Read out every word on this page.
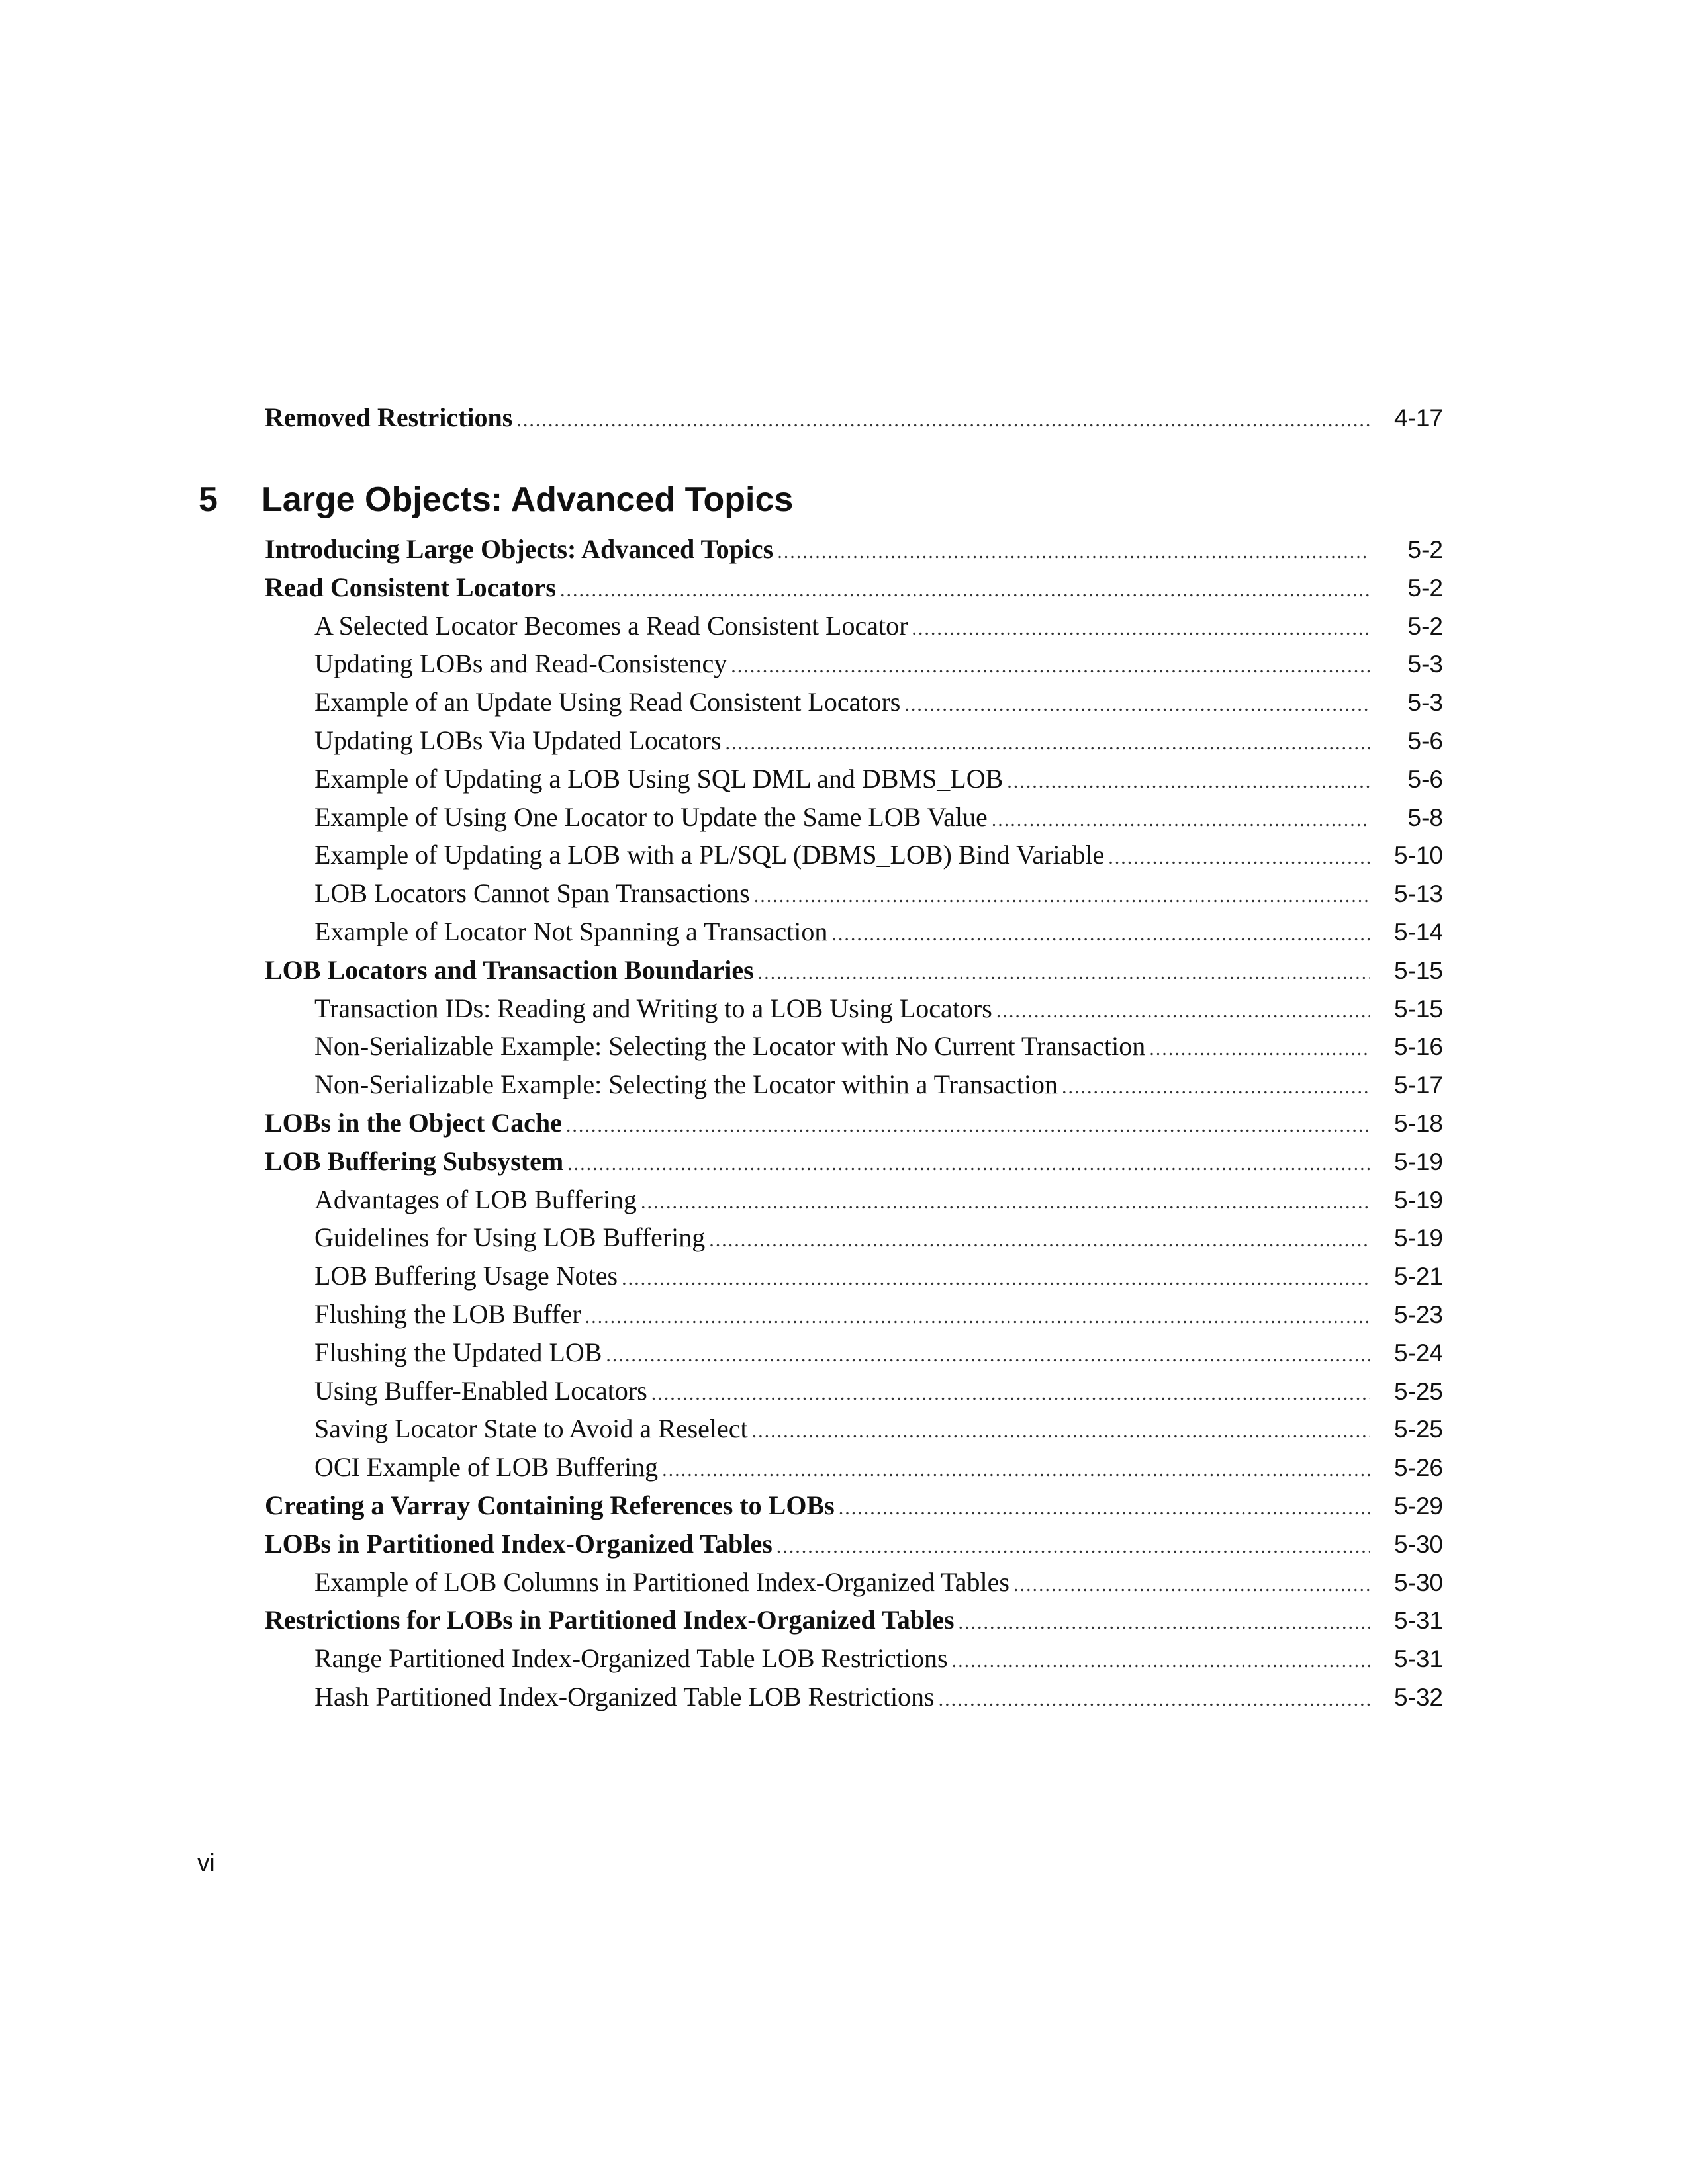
Removed Restrictions .....	4-17
5	Large Objects: Advanced Topics
Introducing Large Objects: Advanced Topics .....	5-2
Read Consistent Locators .....	5-2
A Selected Locator Becomes a Read Consistent Locator .....	5-2
Updating LOBs and Read-Consistency .....	5-3
Example of an Update Using Read Consistent Locators .....	5-3
Updating LOBs Via Updated Locators .....	5-6
Example of Updating a LOB Using SQL DML and DBMS_LOB .....	5-6
Example of Using One Locator to Update the Same LOB Value .....	5-8
Example of Updating a LOB with a PL/SQL (DBMS_LOB) Bind Variable .....	5-10
LOB Locators Cannot Span Transactions .....	5-13
Example of Locator Not Spanning a Transaction .....	5-14
LOB Locators and Transaction Boundaries .....	5-15
Transaction IDs: Reading and Writing to a LOB Using Locators .....	5-15
Non-Serializable Example: Selecting the Locator with No Current Transaction .....	5-16
Non-Serializable Example: Selecting the Locator within a Transaction .....	5-17
LOBs in the Object Cache .....	5-18
LOB Buffering Subsystem .....	5-19
Advantages of LOB Buffering .....	5-19
Guidelines for Using LOB Buffering .....	5-19
LOB Buffering Usage Notes .....	5-21
Flushing the LOB Buffer .....	5-23
Flushing the Updated LOB .....	5-24
Using Buffer-Enabled Locators .....	5-25
Saving Locator State to Avoid a Reselect .....	5-25
OCI Example of LOB Buffering .....	5-26
Creating a Varray Containing References to LOBs .....	5-29
LOBs in Partitioned Index-Organized Tables .....	5-30
Example of LOB Columns in Partitioned Index-Organized Tables .....	5-30
Restrictions for LOBs in Partitioned Index-Organized Tables .....	5-31
Range Partitioned Index-Organized Table LOB Restrictions .....	5-31
Hash Partitioned Index-Organized Table LOB Restrictions .....	5-32
vi
